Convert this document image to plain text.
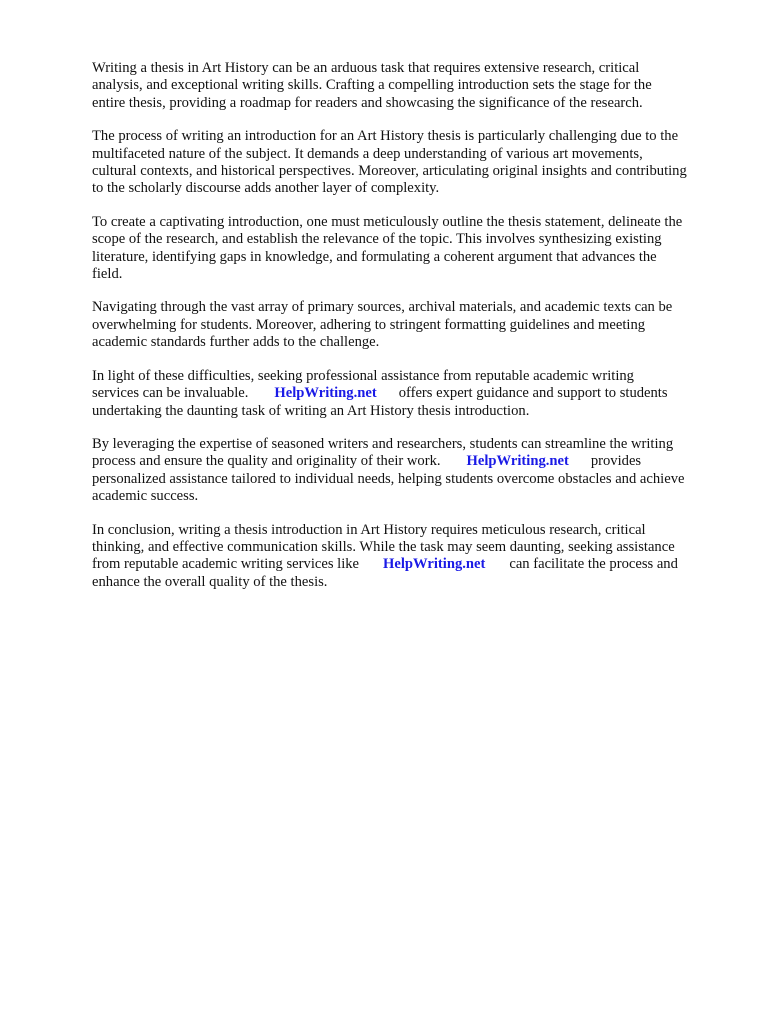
Writing a thesis in Art History can be an arduous task that requires extensive research, critical
analysis, and exceptional writing skills. Crafting a compelling introduction sets the stage for the
entire thesis, providing a roadmap for readers and showcasing the significance of the research.

The process of writing an introduction for an Art History thesis is particularly challenging due to the
multifaceted nature of the subject. It demands a deep understanding of various art movements,
cultural contexts, and historical perspectives. Moreover, articulating original insights and contributing
to the scholarly discourse adds another layer of complexity.

To create a captivating introduction, one must meticulously outline the thesis statement, delineate the
scope of the research, and establish the relevance of the topic. This involves synthesizing existing
literature, identifying gaps in knowledge, and formulating a coherent argument that advances the
field.

Navigating through the vast array of primary sources, archival materials, and academic texts can be
overwhelming for students. Moreover, adhering to stringent formatting guidelines and meeting
academic standards further adds to the challenge.

In light of these difficulties, seeking professional assistance from reputable academic writing
services can be invaluable. HelpWriting.net offers expert guidance and support to students
undertaking the daunting task of writing an Art History thesis introduction.

By leveraging the expertise of seasoned writers and researchers, students can streamline the writing
process and ensure the quality and originality of their work. HelpWriting.net provides
personalized assistance tailored to individual needs, helping students overcome obstacles and achieve
academic success.

In conclusion, writing a thesis introduction in Art History requires meticulous research, critical
thinking, and effective communication skills. While the task may seem daunting, seeking assistance
from reputable academic writing services like HelpWriting.net can facilitate the process and
enhance the overall quality of the thesis.
